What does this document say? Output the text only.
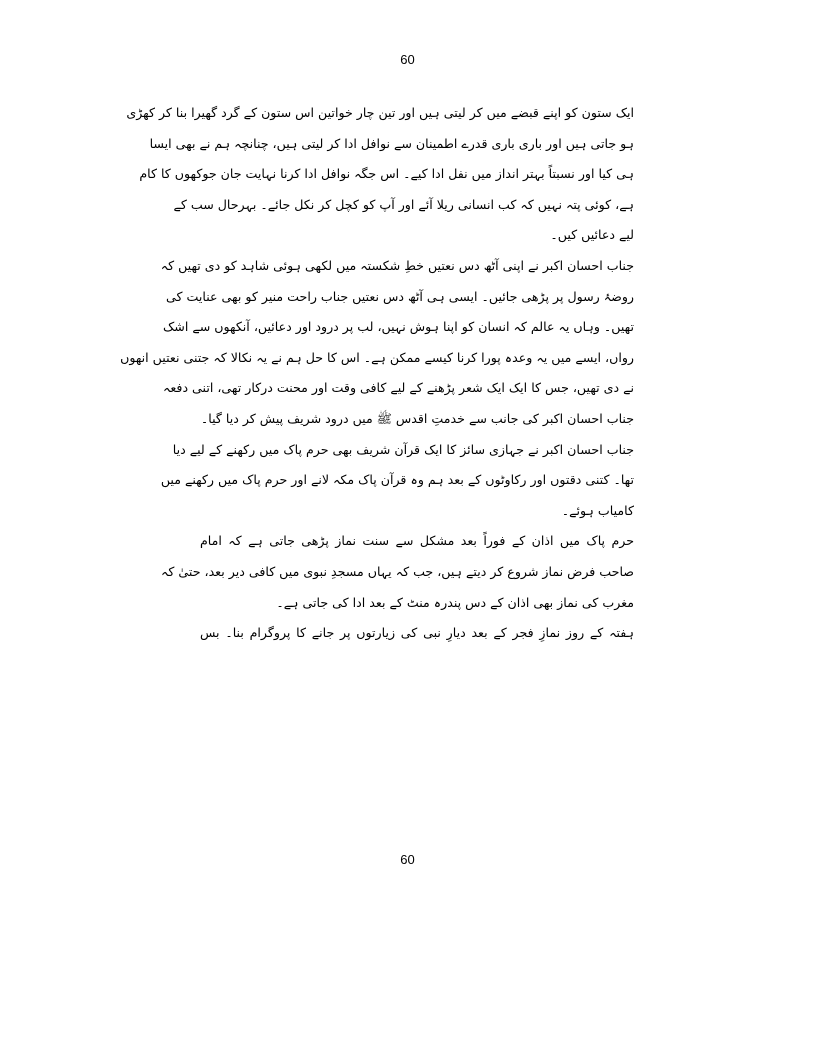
60

ایک ستون کو اپنے قبضے میں کر لیتی ہیں اور تین چار خواتین اس ستون کے گرد گھیرا بنا کر کھڑی
ہو جاتی ہیں اور باری باری قدرے اطمینان سے نوافل ادا کر لیتی ہیں، چنانچہ ہم نے بھی ایسا
ہی کیا اور نسبتاً بہتر انداز میں نفل ادا کیے۔ اس جگہ نوافل ادا کرنا نہایت جان جوکھوں کا کام
ہے، کوئی پتہ نہیں کہ کب انسانی ریلا آئے اور آپ کو کچل کر نکل جائے۔ بہرحال سب کے
لیے دعائیں کیں۔

جناب احسان اکبر نے اپنی آٹھ دس نعتیں خطِ شکستہ میں لکھی ہوئی شاہد کو دی تھیں کہ
روضۂ رسول پر پڑھی جائیں۔ ایسی ہی آٹھ دس نعتیں جناب راحت منیر کو بھی عنایت کی
تھیں۔ وہاں یہ عالم کہ انسان کو اپنا ہوش نہیں، لب پر درود اور دعائیں، آنکھوں سے اشک
رواں، ایسے میں یہ وعدہ پورا کرنا کیسے ممکن ہے۔ اس کا حل ہم نے یہ نکالا کہ جتنی نعتیں انھوں
نے دی تھیں، جس کا ایک ایک شعر پڑھنے کے لیے کافی وقت اور محنت درکار تھی، اتنی دفعہ
جناب احسان اکبر کی جانب سے خدمتِ اقدس ﷺ میں درود شریف پیش کر دیا گیا۔

جناب احسان اکبر نے جہازی سائز کا ایک قرآن شریف بھی حرم پاک میں رکھنے کے لیے دیا
تھا۔ کتنی دقتوں اور رکاوٹوں کے بعد ہم وہ قرآن پاک مکہ لانے اور حرم پاک میں رکھنے میں
کامیاب ہوئے۔

حرم پاک میں اذان کے فوراً بعد مشکل سے سنت نماز پڑھی جاتی ہے کہ امام
صاحب فرض نماز شروع کر دیتے ہیں، جب کہ یہاں مسجدِ نبوی میں کافی دیر بعد، حتیٰ کہ
مغرب کی نماز بھی اذان کے دس پندرہ منٹ کے بعد ادا کی جاتی ہے۔

ہفتہ کے روز نمازِ فجر کے بعد دیارِ نبی کی زیارتوں پر جانے کا پروگرام بنا۔ بس

60
